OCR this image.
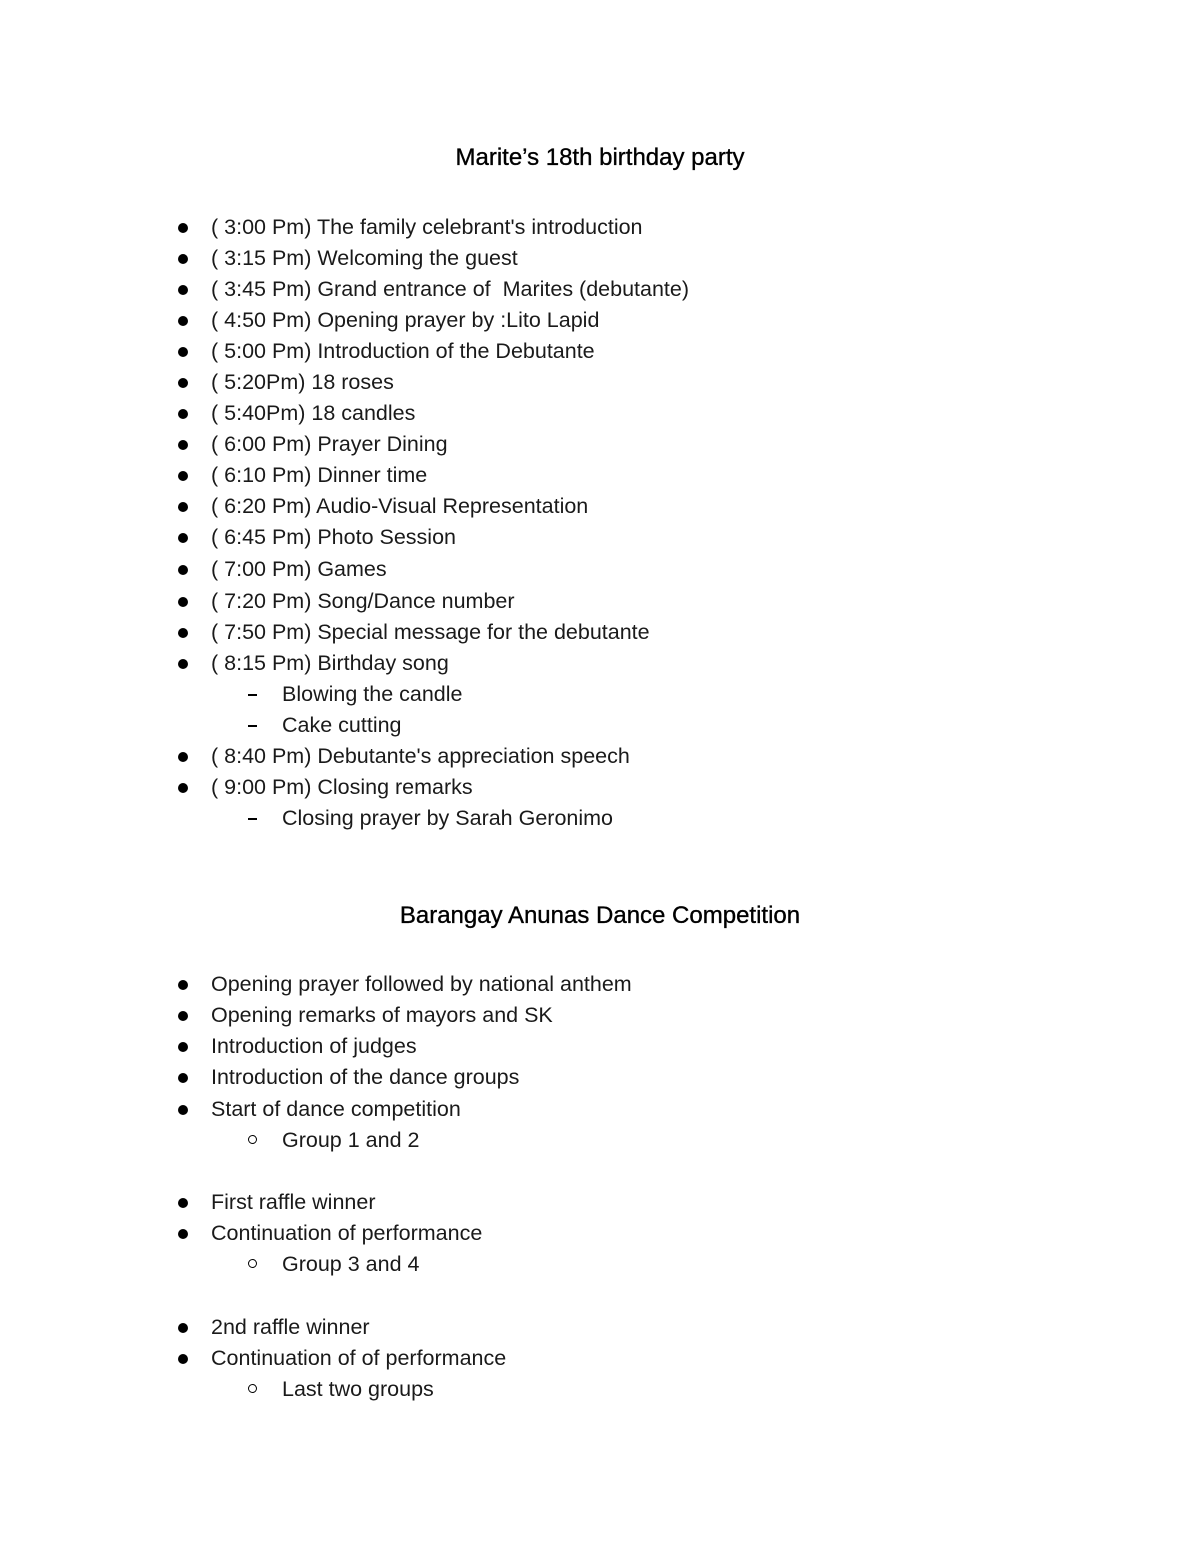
Marite’s 18th birthday party
( 3:00 Pm) The family celebrant's introduction
( 3:15 Pm) Welcoming the guest
( 3:45 Pm) Grand entrance of  Marites (debutante)
( 4:50 Pm) Opening prayer by :Lito Lapid
( 5:00 Pm) Introduction of the Debutante
( 5:20Pm) 18 roses
( 5:40Pm) 18 candles
( 6:00 Pm) Prayer Dining
( 6:10 Pm) Dinner time
( 6:20 Pm) Audio-Visual Representation
( 6:45 Pm) Photo Session
( 7:00 Pm) Games
( 7:20 Pm) Song/Dance number
( 7:50 Pm) Special message for the debutante
( 8:15 Pm) Birthday song
Blowing the candle
Cake cutting
( 8:40 Pm) Debutante's appreciation speech
( 9:00 Pm) Closing remarks
Closing prayer by Sarah Geronimo
Barangay Anunas Dance Competition
Opening prayer followed by national anthem
Opening remarks of mayors and SK
Introduction of judges
Introduction of the dance groups
Start of dance competition
Group 1 and 2
First raffle winner
Continuation of performance
Group 3 and 4
2nd raffle winner
Continuation of of performance
Last two groups
